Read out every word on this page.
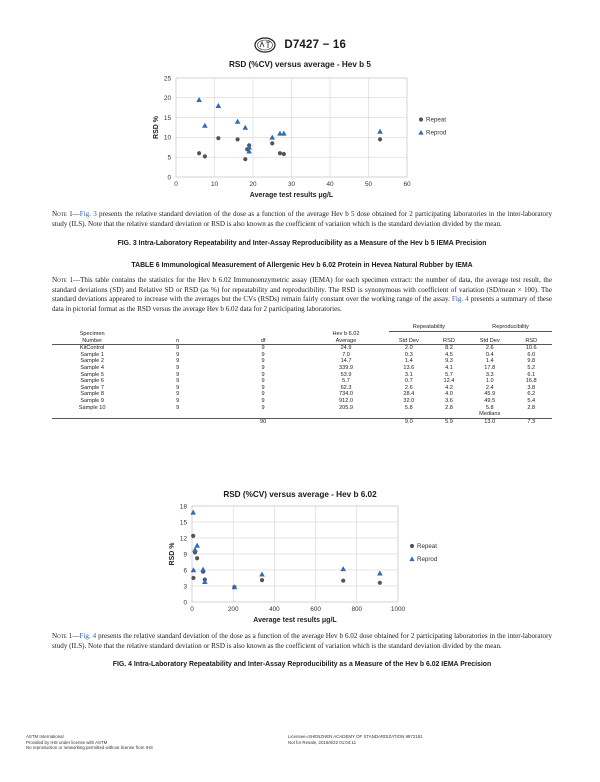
D7427 − 16
RSD (%CV) versus average - Hev b 5
0
5
10
15
20
25
0	10	20	30	40	50	60
Average test results μg/L
RSD %	Repeat
Reprod
Note 1—Fig. 3 presents the relative standard deviation of the dose as a function of the average Hev b 5 dose obtained for 2 participating laboratories in the inter-laboratory study (ILS). Note that the relative standard deviation or RSD is also known as the coefficient of variation which is the standard deviation divided by the mean.
FIG. 3 Intra-Laboratory Repeatability and Inter-Assay Reproducibility as a Measure of the Hev b 5 IEMA Precision
TABLE 6 Immunological Measurement of Allergenic Hev b 6.02 Protein in Hevea Natural Rubber by IEMA
Note 1—This table contains the statistics for the Hev b 6.02 Immunoenzymetric assay (IEMA) for each specimen extract: the number of data, the average test result, the standard deviations (SD) and Relative SD or RSD (as %) for repeatability and reproducibility. The RSD is synonymous with coefficient of variation (SD/mean × 100). The standard deviations appeared to increase with the averages but the CVs (RSDs) remain fairly constant over the working range of the assay. Fig. 4 presents a summary of these data in pictorial format as the RSD versus the average Hev b 6.02 data for 2 participating laboratories.
				Repeatability		Reproducibility	
Specimen			Hev b 6.02				
Number	n	df	Average	Std Dev	RSD	Std Dev	RSD
KitControl	9	9	24.9	2.0	8.2	2.6	10.6
Sample 1	9	9	7.0	0.3	4.5	0.4	6.0
Sample 2	9	9	14.7	1.4	9.3	1.4	9.8
Sample 4	9	9	339.9	13.6	4.1	17.8	5.2
Sample 5	9	9	53.9	3.1	5.7	3.3	6.1
Sample 6	9	9	5.7	0.7	12.4	1.0	16.8
Sample 7	9	9	62.3	2.6	4.2	2.4	3.8
Sample 8	9	9	734.0	28.4	4.0	45.9	6.2
Sample 9	9	9	912.0	32.0	3.6	49.5	5.4
Sample 10	9	9	205.9	5.8	2.8	5.8	2.8
						Medians	
		90		9.0	5.9	13.0	7.3
RSD (%CV) versus average - Hev b 6.02
0
3
6
9
12
15
18
0	200	400	600	800	1000
Average test results μg/L
RSD %	Repeat
Reprod
Note 1—Fig. 4 presents the relative standard deviation of the dose as a function of the average Hev b 6.02 dose obtained for 2 participating laboratories in the inter-laboratory study (ILS). Note that the relative standard deviation or RSD is also known as the coefficient of variation which is the standard deviation divided by the mean.
FIG. 4 Intra-Laboratory Repeatability and Inter-Assay Reproducibility as a Measure of the Hev b 6.02 IEMA Precision
ASTM International
Provided by IHS under license with ASTM
No reproduction or networking permitted without license from IHS
Licensee=SHENZHEN ACADEMY OF STANDARDIZATION 9972181
Not for Resale, 2016/8/22 01:04:11
